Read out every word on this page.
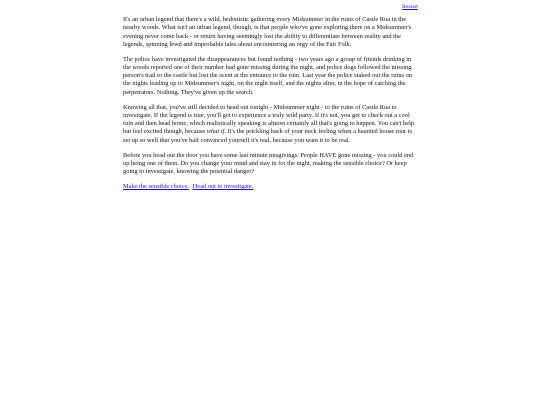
Restart

It's an urban legend that there's a wild, hedonistic gathering every Midsummer in the ruins of Castle Rua in the nearby woods. What isn't an urban legend, though, is that people who've gone exploring there on a Midsummer's evening never come back - or return having seemingly lost the ability to differentiate between reality and the legends, spinning lewd and improbable tales about encountering an orgy of the Fair Folk.

The police have investigated the disappearances but found nothing - two years ago a group of friends drinking in the woods reported one of their number had gone missing during the night, and police dogs followed the missing person's trail to the castle but lost the scent at the entrance to the ruin. Last year the police staked out the ruins on the nights leading up to Midsummer's night, on the night itself, and the nights after, in the hope of catching the perpetrators. Nothing. They've given up the search.

Knowing all that, you've still decided to head out tonight - Midsummer night - to the ruins of Castle Rua to investigate. If the legend is true, you'll get to experience a truly wild party. If it's not, you get to check out a cool ruin and then head home, which realistically speaking is almost certainly all that's going to happen. You can't help but feel excited though, because what if. It's the prickling back of your neck feeling when a haunted house tour is set up so well that you've half convinced yourself it's real, because you want it to be real.

Before you head out the door you have some last minute misgivings. People HAVE gone missing - you could end up being one of them. Do you change your mind and stay in for the night, making the sensible choice? Or keep going to investigate, knowing the potential danger?

Make the sensible choice. Head out to investigate.
